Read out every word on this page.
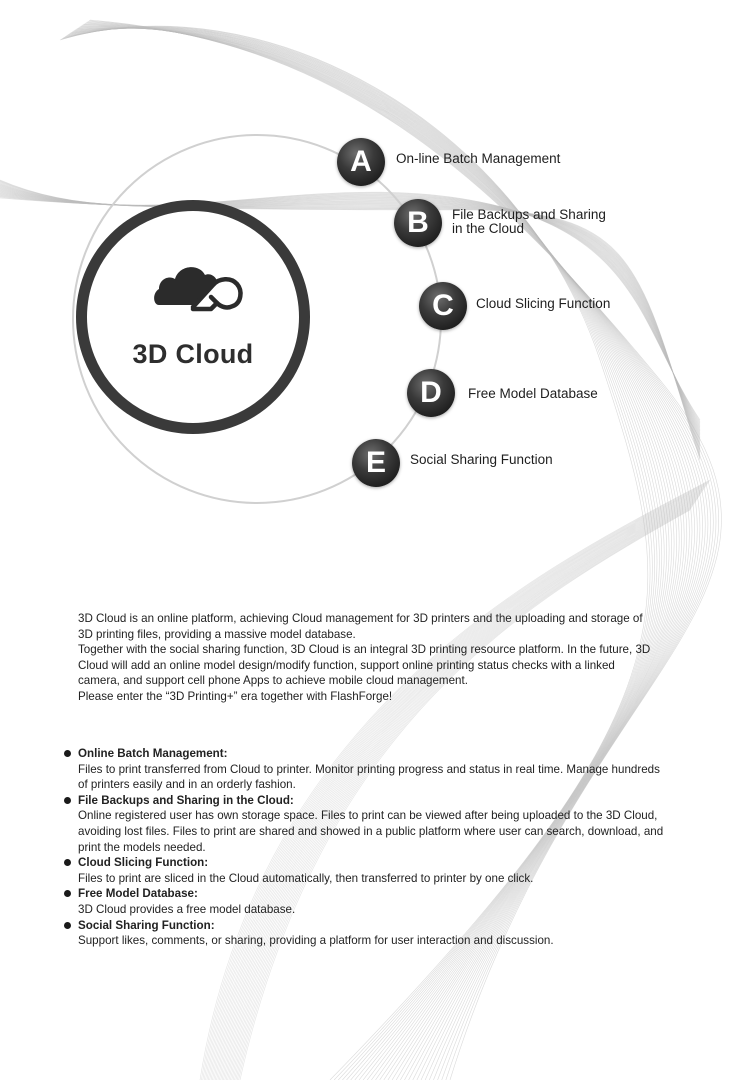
3D Cloud
A	On-line Batch Management
B	File Backups and Sharing
in the Cloud
C	Cloud Slicing Function
D	Free Model Database
E	Social Sharing Function

3D Cloud is an online platform, achieving Cloud management for 3D printers and the uploading and storage of 3D printing files, providing a massive model database.

Together with the social sharing function, 3D Cloud is an integral 3D printing resource platform. In the future, 3D Cloud will add an online model design/modify function, support online printing status checks with a linked camera, and support cell phone Apps to achieve mobile cloud management.

Please enter the “3D Printing+” era together with FlashForge!

Online Batch Management:
Files to print transferred from Cloud to printer. Monitor printing progress and status in real time. Manage hundreds of printers easily and in an orderly fashion.
File Backups and Sharing in the Cloud:
Online registered user has own storage space. Files to print can be viewed after being uploaded to the 3D Cloud, avoiding lost files. Files to print are shared and showed in a public platform where user can search, download, and print the models needed.
Cloud Slicing Function:
Files to print are sliced in the Cloud automatically, then transferred to printer by one click.
Free Model Database:
3D Cloud provides a free model database.
Social Sharing Function:
Support likes, comments, or sharing, providing a platform for user interaction and discussion.
